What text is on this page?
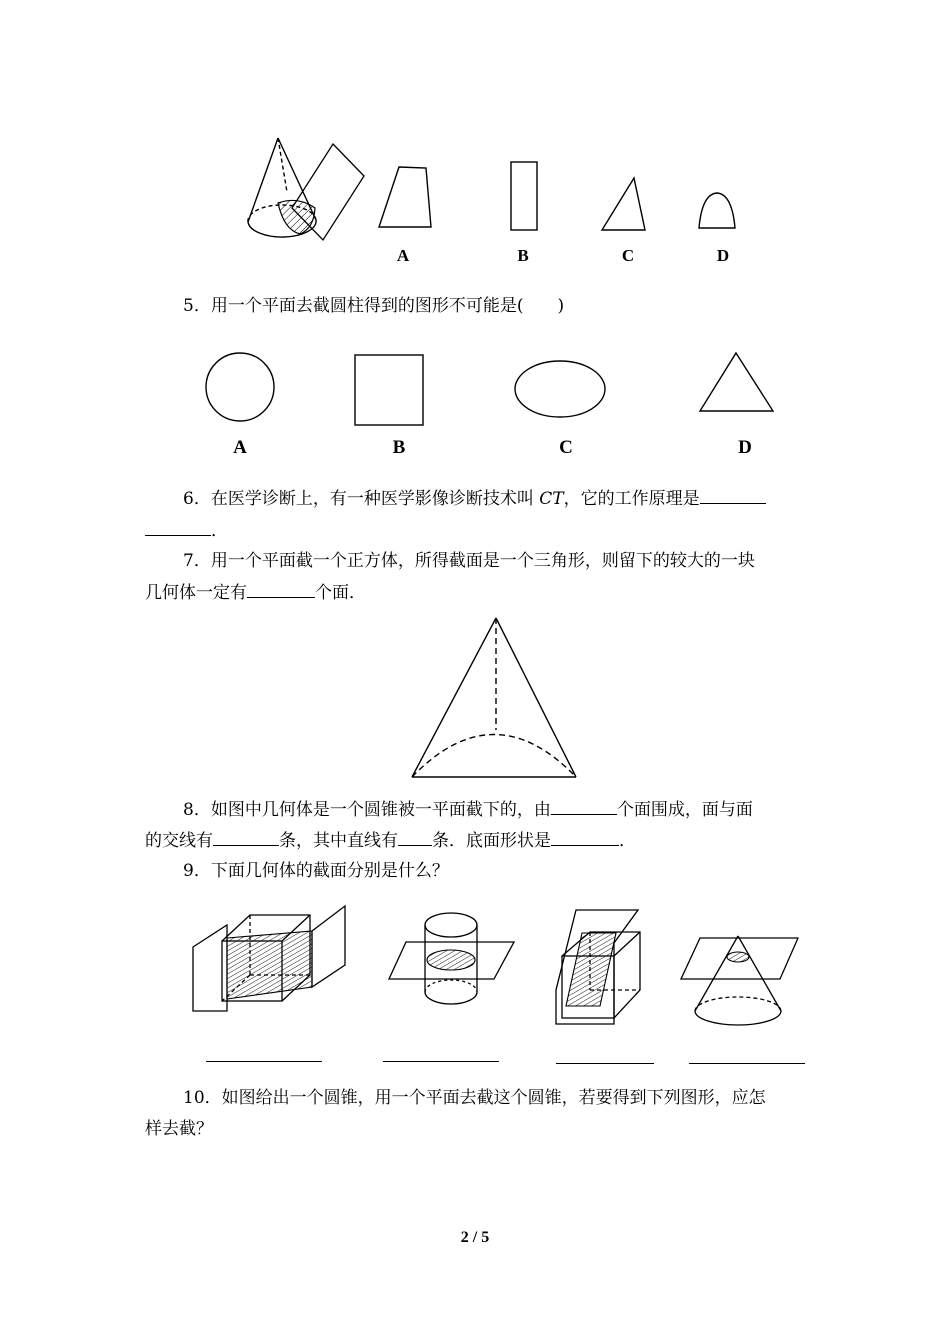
A	B	C	D
5．用一个平面去截圆柱得到的图形不可能是(　　)
A	B	C	D
6．在医学诊断上，有一种医学影像诊断技术叫 CT，它的工作原理是
．
7．用一个平面截一个正方体，所得截面是一个三角形，则留下的较大的一块
几何体一定有	个面．
8．如图中几何体是一个圆锥被一平面截下的，由	个面围成，面与面
的交线有	条，其中直线有 条．底面形状是	．
9．下面几何体的截面分别是什么？
10．如图给出一个圆锥，用一个平面去截这个圆锥，若要得到下列图形，应怎
样去截？
2 / 5
